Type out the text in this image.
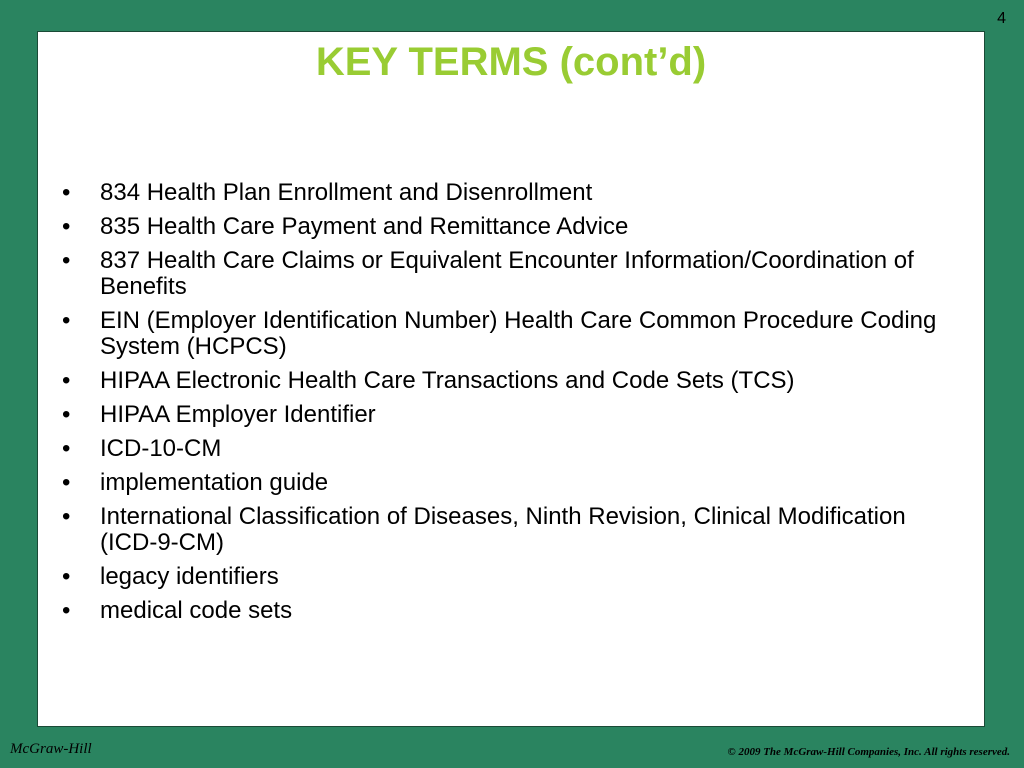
4
KEY TERMS (cont’d)
•	834 Health Plan Enrollment and Disenrollment
•	835 Health Care Payment and Remittance Advice
•	837 Health Care Claims or Equivalent Encounter Information/Coordination of Benefits
•	EIN (Employer Identification Number) Health Care Common Procedure Coding System (HCPCS)
•	HIPAA Electronic Health Care Transactions and Code Sets (TCS)
•	HIPAA Employer Identifier
•	ICD-10-CM
•	implementation guide
•	International Classification of Diseases, Ninth Revision, Clinical Modification (ICD-9-CM)
•	legacy identifiers
•	medical code sets
McGraw-Hill	© 2009 The McGraw-Hill Companies, Inc. All rights reserved.
